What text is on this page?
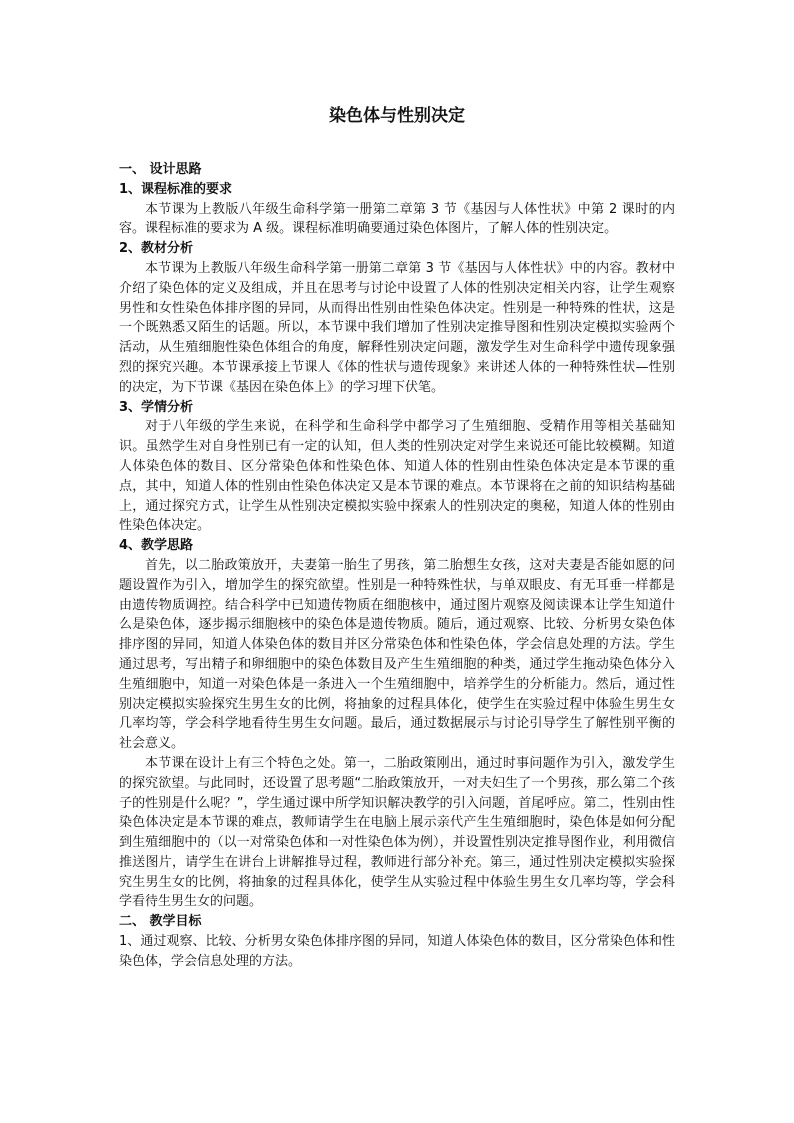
染色体与性别决定
一、 设计思路
1、课程标准的要求

本节课为上教版八年级生命科学第一册第二章第 3 节《基因与人体性状》中第 2 课时的内容。课程标准的要求为 A 级。课程标准明确要通过染色体图片，了解人体的性别决定。

2、教材分析

本节课为上教版八年级生命科学第一册第二章第 3 节《基因与人体性状》中的内容。教材中介绍了染色体的定义及组成，并且在思考与讨论中设置了人体的性别决定相关内容，让学生观察男性和女性染色体排序图的异同，从而得出性别由性染色体决定。性别是一种特殊的性状，这是一个既熟悉又陌生的话题。所以，本节课中我们增加了性别决定推导图和性别决定模拟实验两个活动，从生殖细胞性染色体组合的角度，解释性别决定问题，激发学生对生命科学中遗传现象强烈的探究兴趣。本节课承接上节课人《体的性状与遗传现象》来讲述人体的一种特殊性状—性别的决定，为下节课《基因在染色体上》的学习埋下伏笔。

3、学情分析

对于八年级的学生来说，在科学和生命科学中都学习了生殖细胞、受精作用等相关基础知识。虽然学生对自身性别已有一定的认知，但人类的性别决定对学生来说还可能比较模糊。知道人体染色体的数目、区分常染色体和性染色体、知道人体的性别由性染色体决定是本节课的重点，其中，知道人体的性别由性染色体决定又是本节课的难点。本节课将在之前的知识结构基础上，通过探究方式，让学生从性别决定模拟实验中探索人的性别决定的奥秘，知道人体的性别由性染色体决定。

4、教学思路

首先，以二胎政策放开，夫妻第一胎生了男孩，第二胎想生女孩，这对夫妻是否能如愿的问题设置作为引入，增加学生的探究欲望。性别是一种特殊性状，与单双眼皮、有无耳垂一样都是由遗传物质调控。结合科学中已知遗传物质在细胞核中，通过图片观察及阅读课本让学生知道什么是染色体，逐步揭示细胞核中的染色体是遗传物质。随后，通过观察、比较、分析男女染色体排序图的异同，知道人体染色体的数目并区分常染色体和性染色体，学会信息处理的方法。学生通过思考，写出精子和卵细胞中的染色体数目及产生生殖细胞的种类，通过学生拖动染色体分入生殖细胞中，知道一对染色体是一条进入一个生殖细胞中，培养学生的分析能力。然后，通过性别决定模拟实验探究生男生女的比例，将抽象的过程具体化，使学生在实验过程中体验生男生女几率均等，学会科学地看待生男生女问题。最后，通过数据展示与讨论引导学生了解性别平衡的社会意义。

本节课在设计上有三个特色之处。第一，二胎政策刚出，通过时事问题作为引入，激发学生的探究欲望。与此同时，还设置了思考题“二胎政策放开，一对夫妇生了一个男孩，那么第二个孩子的性别是什么呢？”，学生通过课中所学知识解决教学的引入问题，首尾呼应。第二，性别由性染色体决定是本节课的难点，教师请学生在电脑上展示亲代产生生殖细胞时，染色体是如何分配到生殖细胞中的（以一对常染色体和一对性染色体为例），并设置性别决定推导图作业，利用微信推送图片，请学生在讲台上讲解推导过程，教师进行部分补充。第三，通过性别决定模拟实验探究生男生女的比例，将抽象的过程具体化，使学生从实验过程中体验生男生女几率均等，学会科学看待生男生女的问题。

二、 教学目标

1、通过观察、比较、分析男女染色体排序图的异同，知道人体染色体的数目，区分常染色体和性染色体，学会信息处理的方法。
